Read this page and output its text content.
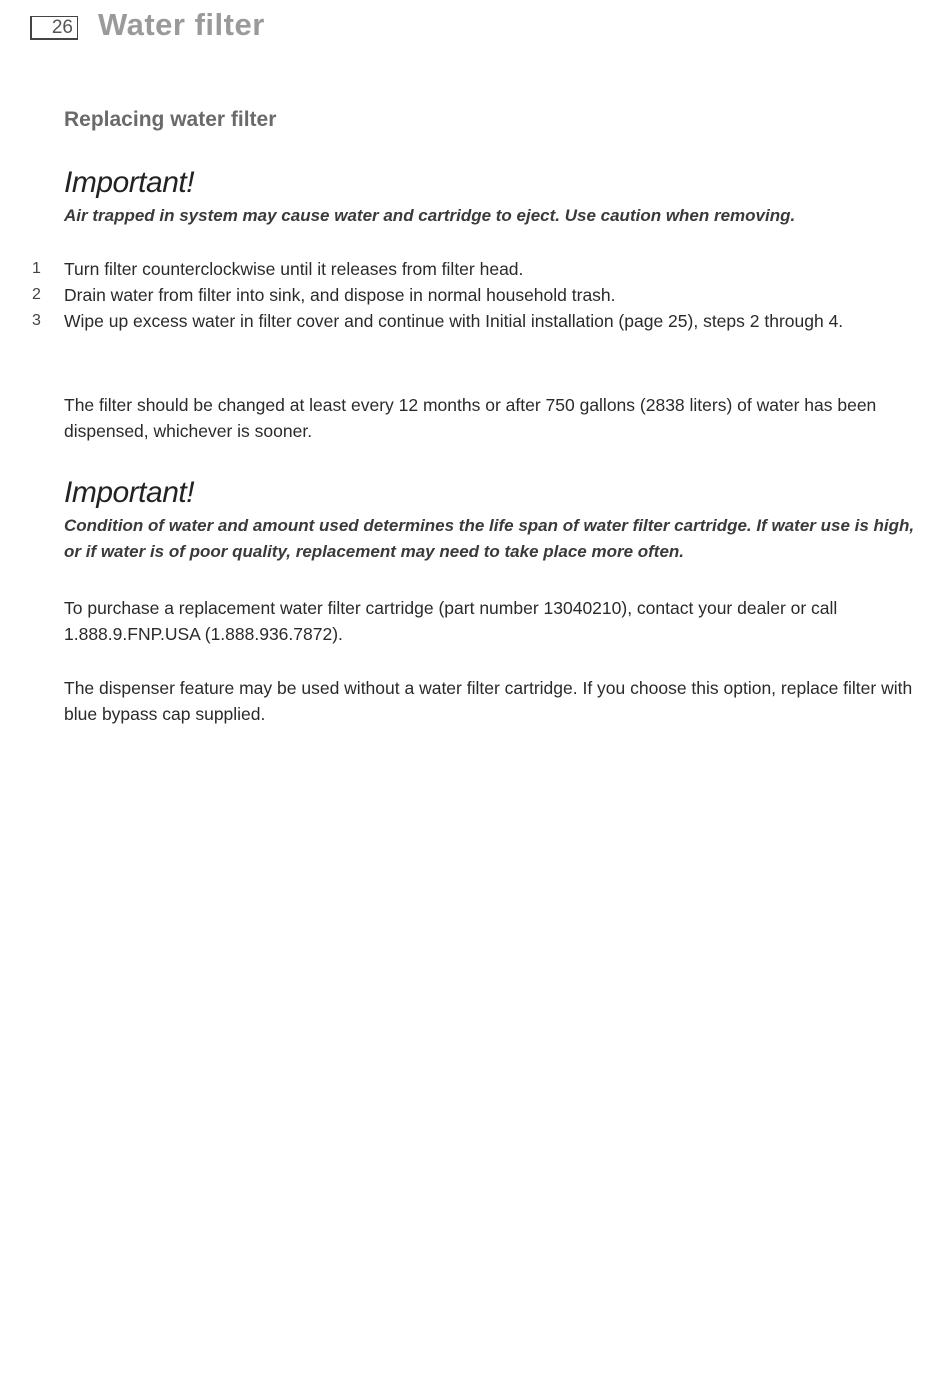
26 Water filter
Replacing water filter
Important!
Air trapped in system may cause water and cartridge to eject. Use caution when removing.
1 Turn filter counterclockwise until it releases from filter head.
2 Drain water from filter into sink, and dispose in normal household trash.
3 Wipe up excess water in filter cover and continue with Initial installation (page 25), steps 2 through 4.
The filter should be changed at least every 12 months or after 750 gallons (2838 liters) of water has been dispensed, whichever is sooner.
Important!
Condition of water and amount used determines the life span of water filter cartridge. If water use is high, or if water is of poor quality, replacement may need to take place more often.
To purchase a replacement water filter cartridge (part number 13040210), contact your dealer or call 1.888.9.FNP.USA (1.888.936.7872).
The dispenser feature may be used without a water filter cartridge. If you choose this option, replace filter with blue bypass cap supplied.
